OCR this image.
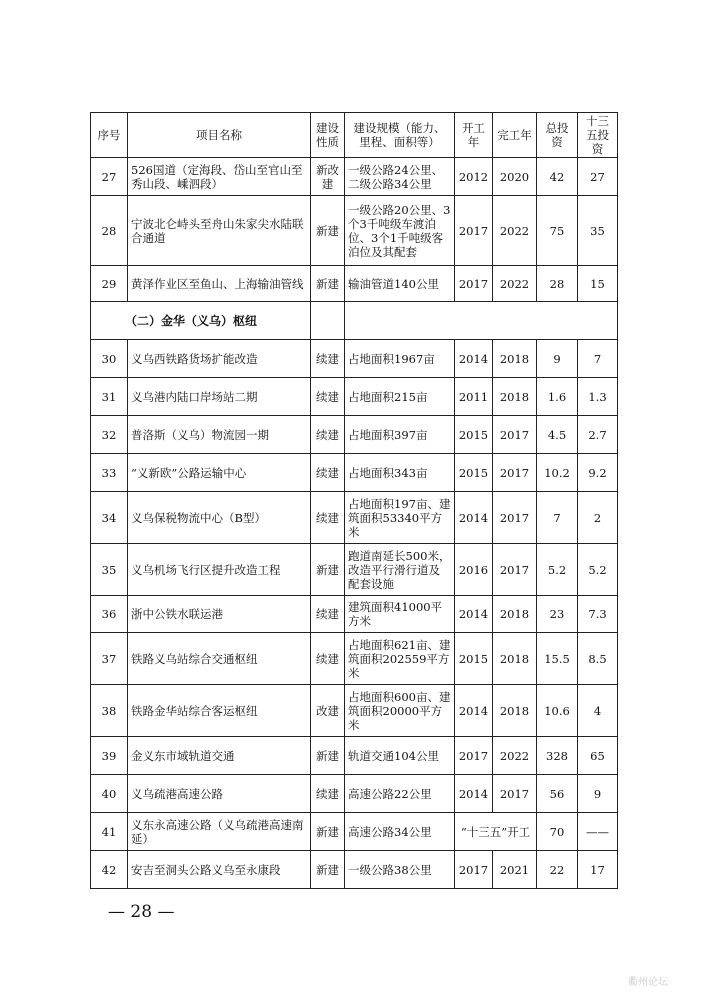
序号	项目名称	建设性质	建设规模（能力、里程、面积等）	开工年	完工年	总投资	十三五投资
27	526国道（定海段、岱山至官山至秀山段、嵊泗段）	新改建	一级公路24公里、二级公路34公里	2012	2020	42	27
28	宁波北仑峙头至舟山朱家尖水陆联合通道	新建	一级公路20公里、3个3千吨级车渡泊位、3个1千吨级客泊位及其配套	2017	2022	75	35
29	黄泽作业区至鱼山、上海输油管线	新建	输油管道140公里	2017	2022	28	15
（二）金华（义乌）枢纽							
30	义乌西铁路货场扩能改造	续建	占地面积1967亩	2014	2018	9	7
31	义乌港内陆口岸场站二期	续建	占地面积215亩	2011	2018	1.6	1.3
32	普洛斯（义乌）物流园一期	续建	占地面积397亩	2015	2017	4.5	2.7
33	“义新欧”公路运输中心	续建	占地面积343亩	2015	2017	10.2	9.2
34	义乌保税物流中心（B型）	续建	占地面积197亩、建筑面积53340平方米	2014	2017	7	2
35	义乌机场飞行区提升改造工程	新建	跑道南延长500米，改造平行滑行道及配套设施	2016	2017	5.2	5.2
36	浙中公铁水联运港	续建	建筑面积41000平方米	2014	2018	23	7.3
37	铁路义乌站综合交通枢纽	续建	占地面积621亩、建筑面积202559平方米	2015	2018	15.5	8.5
38	铁路金华站综合客运枢纽	改建	占地面积600亩、建筑面积20000平方米	2014	2018	10.6	4
39	金义东市域轨道交通	新建	轨道交通104公里	2017	2022	328	65
40	义乌疏港高速公路	续建	高速公路22公里	2014	2017	56	9
41	义东永高速公路（义乌疏港高速南延）	新建	高速公路34公里	“十三五”开工		70	——
42	安吉至洞头公路义乌至永康段	新建	一级公路38公里	2017	2021	22	17
— 28 —
衢州论坛
